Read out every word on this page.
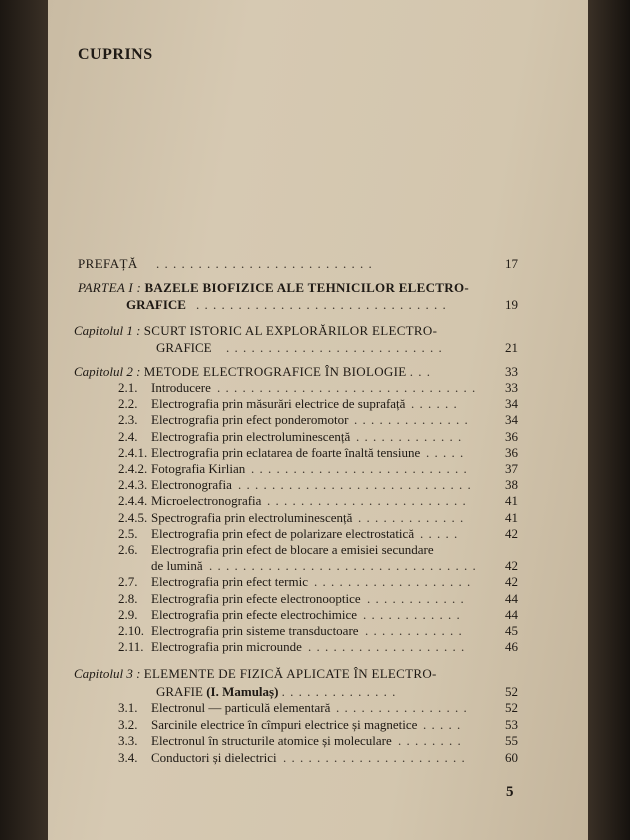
CUPRINS
PREFAȚĂ . . . . . . . . . . . . . . . . . . . . . . . . . .	17
PARTEA I : BAZELE BIOFIZICE ALE TEHNICILOR ELECTRO-
GRAFICE . . . . . . . . . . . . . . . . . . . . . . . . . . . . . .	19
Capitolul 1 : SCURT ISTORIC AL EXPLORĂRILOR ELECTRO-
GRAFICE . . . . . . . . . . . . . . . . . . . . . . . . . .	21
Capitolul 2 : METODE ELECTROGRAFICE ÎN BIOLOGIE . . .	33
2.1. Introducere . . . . . . . . . . . . . . . . . . . . . . . . . . . . . . .	33
2.2. Electrografia prin măsurări electrice de suprafață . . . . . .	34
2.3. Electrografia prin efect ponderomotor . . . . . . . . . . . . . .	34
2.4. Electrografia prin electroluminescență . . . . . . . . . . . . .	36
2.4.1. Electrografia prin eclatarea de foarte înaltă tensiune . . . . .	36
2.4.2. Fotografia Kirlian . . . . . . . . . . . . . . . . . . . . . . . . . .	37
2.4.3. Electronografia . . . . . . . . . . . . . . . . . . . . . . . . . . . .	38
2.4.4. Microelectronografia . . . . . . . . . . . . . . . . . . . . . . . .	41
2.4.5. Spectrografia prin electroluminescență . . . . . . . . . . . . .	41
2.5. Electrografia prin efect de polarizare electrostatică . . . . .	42
2.6. Electrografia prin efect de blocare a emisiei secundare
de lumină . . . . . . . . . . . . . . . . . . . . . . . . . . . . . . . .	42
2.7. Electrografia prin efect termic . . . . . . . . . . . . . . . . . . .	42
2.8. Electrografia prin efecte electronooptice . . . . . . . . . . . .	44
2.9. Electrografia prin efecte electrochimice . . . . . . . . . . . .	44
2.10. Electrografia prin sisteme transductoare . . . . . . . . . . . .	45
2.11. Electrografia prin microunde . . . . . . . . . . . . . . . . . . .	46
Capitolul 3 : ELEMENTE DE FIZICĂ APLICATE ÎN ELECTRO-
GRAFIE (I. Mamulaș) . . . . . . . . . . . . . .	52
3.1. Electronul — particulă elementară . . . . . . . . . . . . . . . .	52
3.2. Sarcinile electrice în cîmpuri electrice și magnetice . . . . .	53
3.3. Electronul în structurile atomice și moleculare . . . . . . . .	55
3.4. Conductori și dielectrici . . . . . . . . . . . . . . . . . . . . . .	60
5
